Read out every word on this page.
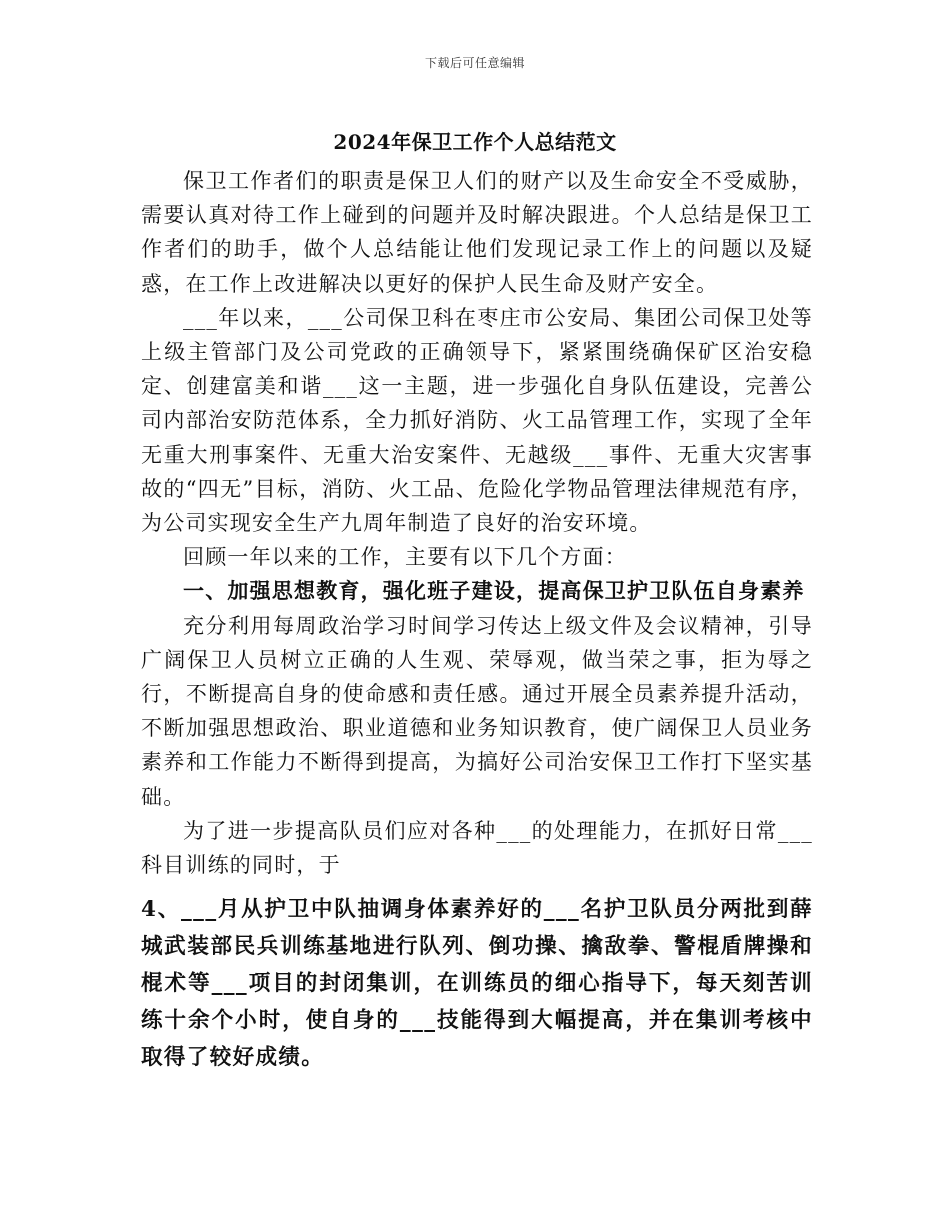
下载后可任意编辑
2024年保卫工作个人总结范文

保卫工作者们的职责是保卫人们的财产以及生命安全不受威胁，需要认真对待工作上碰到的问题并及时解决跟进。个人总结是保卫工作者们的助手，做个人总结能让他们发现记录工作上的问题以及疑惑，在工作上改进解决以更好的保护人民生命及财产安全。

___年以来，___公司保卫科在枣庄市公安局、集团公司保卫处等上级主管部门及公司党政的正确领导下，紧紧围绕确保矿区治安稳定、创建富美和谐___这一主题，进一步强化自身队伍建设，完善公司内部治安防范体系，全力抓好消防、火工品管理工作，实现了全年无重大刑事案件、无重大治安案件、无越级___事件、无重大灾害事故的“四无”目标，消防、火工品、危险化学物品管理法律规范有序，为公司实现安全生产九周年制造了良好的治安环境。

回顾一年以来的工作，主要有以下几个方面：

一、加强思想教育，强化班子建设，提高保卫护卫队伍自身素养

充分利用每周政治学习时间学习传达上级文件及会议精神，引导广阔保卫人员树立正确的人生观、荣辱观，做当荣之事，拒为辱之行，不断提高自身的使命感和责任感。通过开展全员素养提升活动，不断加强思想政治、职业道德和业务知识教育，使广阔保卫人员业务素养和工作能力不断得到提高，为搞好公司治安保卫工作打下坚实基础。

为了进一步提高队员们应对各种___的处理能力，在抓好日常___科目训练的同时，于

4、___月从护卫中队抽调身体素养好的___名护卫队员分两批到薛城武装部民兵训练基地进行队列、倒功操、擒敌拳、警棍盾牌操和棍术等___项目的封闭集训，在训练员的细心指导下，每天刻苦训练十余个小时，使自身的___技能得到大幅提高，并在集训考核中取得了较好成绩。
